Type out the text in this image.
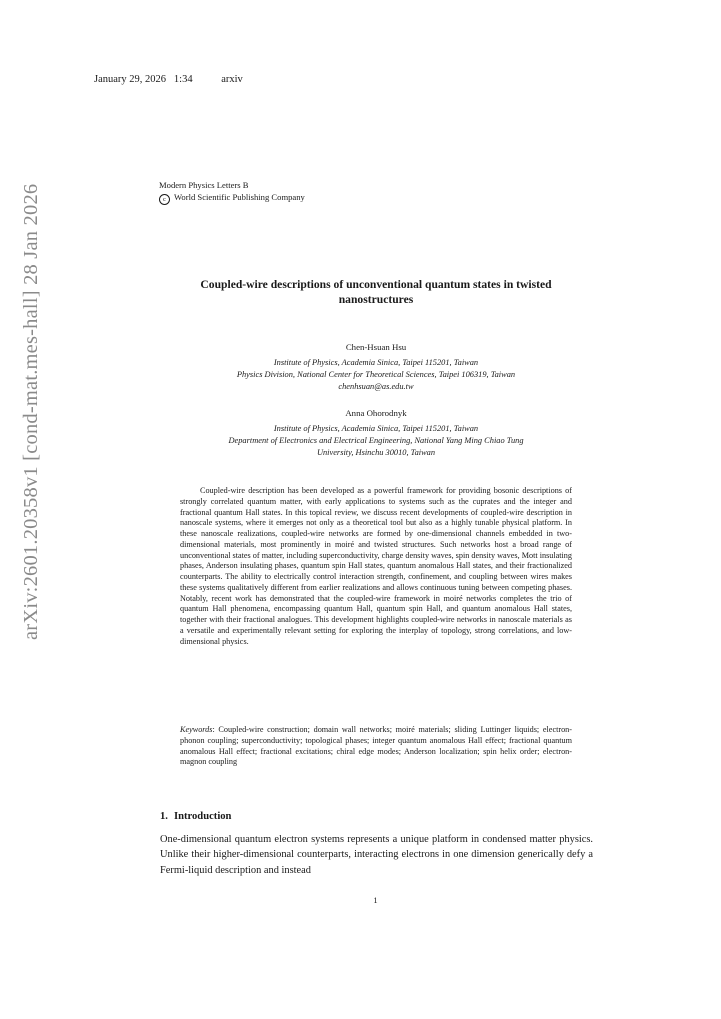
January 29, 2026 1:34	arxiv
arXiv:2601.20358v1 [cond-mat.mes-hall] 28 Jan 2026	Modern Physics Letters B
c World Scientific Publishing Company
Coupled-wire descriptions of unconventional quantum states in twisted
nanostructures
Chen-Hsuan Hsu
Institute of Physics, Academia Sinica, Taipei 115201, Taiwan
Physics Division, National Center for Theoretical Sciences, Taipei 106319, Taiwan
chenhsuan@as.edu.tw
Anna Ohorodnyk
Institute of Physics, Academia Sinica, Taipei 115201, Taiwan
Department of Electronics and Electrical Engineering, National Yang Ming Chiao Tung
University, Hsinchu 30010, Taiwan
Coupled-wire description has been developed as a powerful framework for providing bosonic descriptions of strongly correlated quantum matter, with early applications to systems such as the cuprates and the integer and fractional quantum Hall states. In this topical review, we discuss recent developments of coupled-wire description in nanoscale systems, where it emerges not only as a theoretical tool but also as a highly tunable physical platform. In these nanoscale realizations, coupled-wire networks are formed by one-dimensional channels embedded in two-dimensional materials, most prominently in moiré and twisted structures. Such networks host a broad range of unconventional states of matter, including superconductivity, charge density waves, spin density waves, Mott insulating phases, Anderson insulating phases, quantum spin Hall states, quantum anomalous Hall states, and their fractionalized counterparts. The ability to electrically control interaction strength, confinement, and coupling between wires makes these systems qualitatively different from earlier realizations and allows continuous tuning between competing phases. Notably, recent work has demonstrated that the coupled-wire framework in moiré networks completes the trio of quantum Hall phenomena, encompassing quantum Hall, quantum spin Hall, and quantum anomalous Hall states, together with their fractional analogues. This development highlights coupled-wire networks in nanoscale materials as a versatile and experimentally relevant setting for exploring the interplay of topology, strong correlations, and low-dimensional physics.
Keywords: Coupled-wire construction; domain wall networks; moiré materials; sliding Luttinger liquids; electron-phonon coupling; superconductivity; topological phases; integer quantum anomalous Hall effect; fractional quantum anomalous Hall effect; fractional excitations; chiral edge modes; Anderson localization; spin helix order; electron-magnon coupling
1. Introduction
One-dimensional quantum electron systems represents a unique platform in condensed matter physics. Unlike their higher-dimensional counterparts, interacting electrons in one dimension generically defy a Fermi-liquid description and instead
1
